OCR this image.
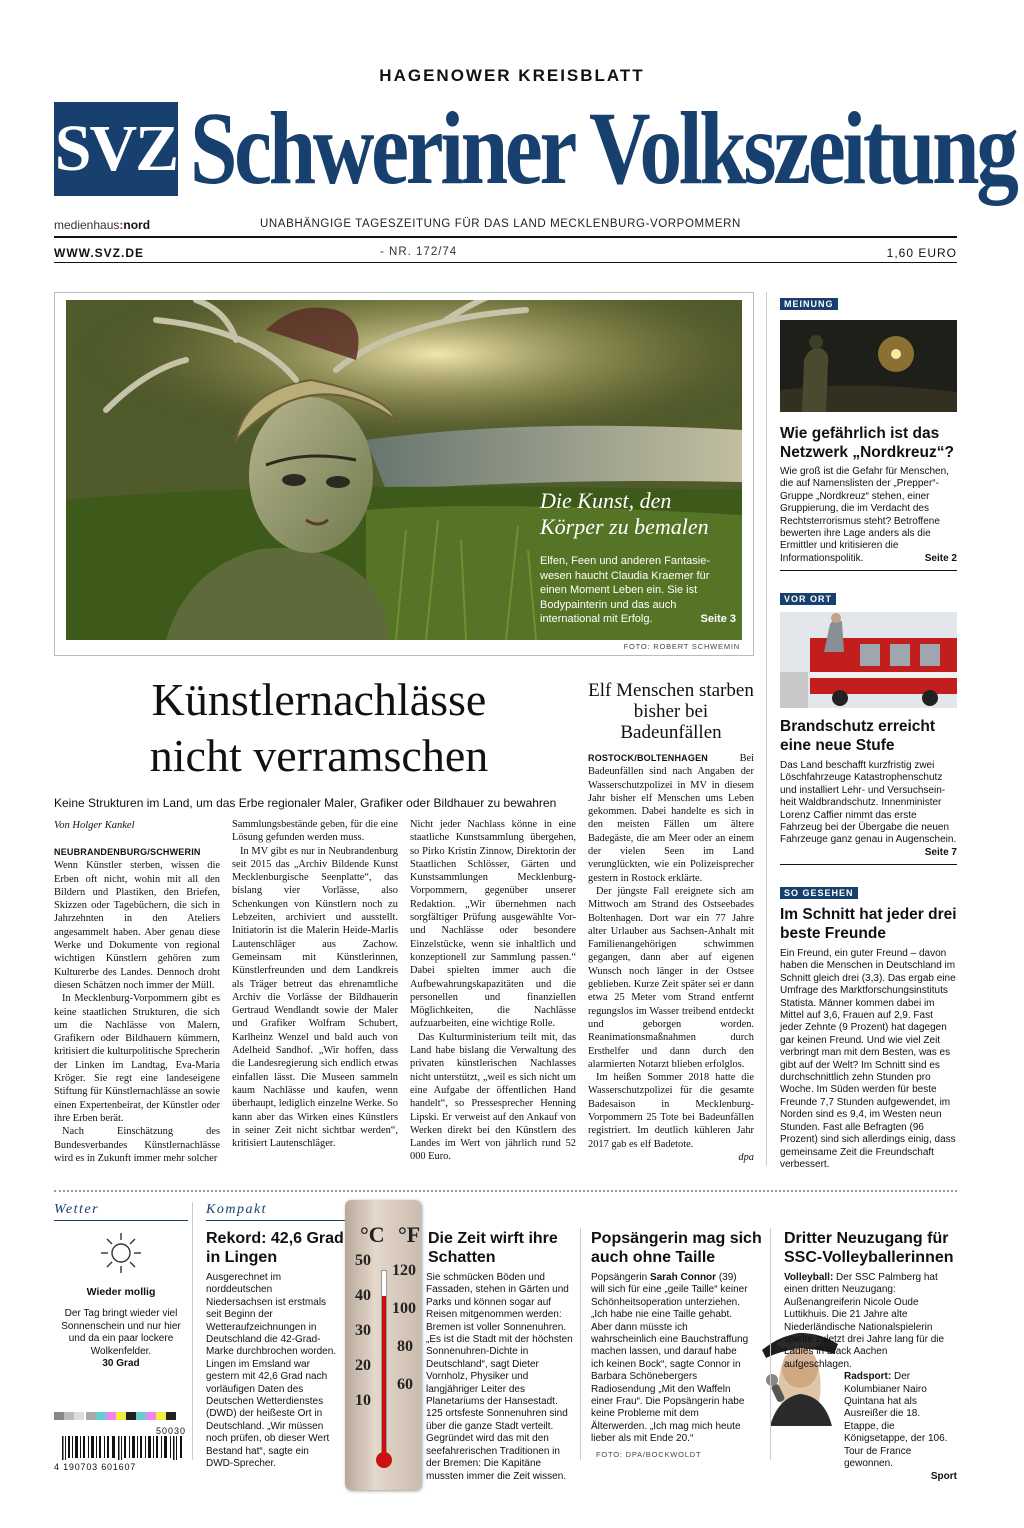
HAGENOWER KREISBLATT
SVZ Schweriner Volkszeitung
medienhaus:nord	UNABHÄNGIGE TAGESZEITUNG FÜR DAS LAND MECKLENBURG-VORPOMMERN
WWW.SVZ.DE	- NR. 172/74	1,60 EURO
Die Kunst, den
Körper zu bemalen
Elfen, Feen und anderen Fantasiewesen haucht Claudia Kraemer für einen Moment Leben ein. Sie ist Bodypainterin und das auch international mit Erfolg.	Seite 3
FOTO: ROBERT SCHWEMIN
Künstlernachlässe
nicht verramschen
Keine Strukturen im Land, um das Erbe regionaler Maler, Grafiker oder Bildhauer zu bewahren
Von Holger Kankel

NEUBRANDENBURG/SCHWERIN

Wenn Künstler sterben, wissen die Erben oft nicht, wohin mit all den Bildern und Plastiken, den Briefen, Skizzen oder Tagebüchern, die sich in Jahrzehnten in den Ateliers angesammelt haben. Aber genau diese Werke und Dokumente von regional wichtigen Künstlern gehören zum Kulturerbe des Landes. Dennoch droht diesen Schätzen noch immer der Müll.

In Mecklenburg-Vorpommern gibt es keine staatlichen Strukturen, die sich um die Nachlässe von Malern, Grafikern oder Bildhauern kümmern, kritisiert die kulturpolitische Sprecherin der Linken im Landtag, Eva-Maria Kröger. Sie regt eine landeseigene Stiftung für Künstlernachlässe an sowie einen Expertenbeirat, der Künstler oder ihre Erben berät.

Nach Einschätzung des Bundesverbandes Künstlernachlässe wird es in Zukunft immer mehr solcher

Sammlungsbestände geben, für die eine Lösung gefunden werden muss.

In MV gibt es nur in Neubrandenburg seit 2015 das „Archiv Bildende Kunst Mecklenburgische Seenplatte“, das bislang vier Vorlässe, also Schenkungen von Künstlern noch zu Lebzeiten, archiviert und ausstellt. Initiatorin ist die Malerin Heide-Marlis Lautenschläger aus Zachow. Gemeinsam mit Künstlerinnen, Künstlerfreunden und dem Landkreis als Träger betreut das ehrenamtliche Archiv die Vorlässe der Bildhauerin Gertraud Wendlandt sowie der Maler und Grafiker Wolfram Schubert, Karlheinz Wenzel und bald auch von Adelheid Sandhof. „Wir hoffen, dass die Landesregierung sich endlich etwas einfallen lässt. Die Museen sammeln kaum Nachlässe und kaufen, wenn überhaupt, lediglich einzelne Werke. So kann aber das Wirken eines Künstlers in seiner Zeit nicht sichtbar werden“, kritisiert Lautenschläger.

Nicht jeder Nachlass könne in eine staatliche Kunstsammlung übergehen, so Pirko Kristin Zinnow, Direktorin der Staatlichen Schlösser, Gärten und Kunstsammlungen Mecklenburg-Vorpommern, gegenüber unserer Redaktion. „Wir übernehmen nach sorgfältiger Prüfung ausgewählte Vor- und Nachlässe oder besondere Einzelstücke, wenn sie inhaltlich und konzeptionell zur Sammlung passen.“ Dabei spielten immer auch die Aufbewahrungskapazitäten und die personellen und finanziellen Möglichkeiten, die Nachlässe aufzuarbeiten, eine wichtige Rolle.

Das Kulturministerium teilt mit, das Land habe bislang die Verwaltung des privaten künstlerischen Nachlasses nicht unterstützt, „weil es sich nicht um eine Aufgabe der öffentlichen Hand handelt“, so Pressesprecher Henning Lipski. Er verweist auf den Ankauf von Werken direkt bei den Künstlern des Landes im Wert von jährlich rund 52 000 Euro.

Elf Menschen starben bisher bei Badeunfällen

ROSTOCK/BOLTENHAGEN	Bei Badeunfällen sind nach Angaben der Wasserschutzpolizei in MV in diesem Jahr bisher elf Menschen ums Leben gekommen. Dabei handelte es sich in den meisten Fällen um ältere Badegäste, die am Meer oder an einem der vielen Seen im Land verunglückten, wie ein Polizeisprecher gestern in Rostock erklärte.

Der jüngste Fall ereignete sich am Mittwoch am Strand des Ostseebades Boltenhagen. Dort war ein 77 Jahre alter Urlauber aus Sachsen-Anhalt mit Familienangehörigen schwimmen gegangen, dann aber auf eigenen Wunsch noch länger in der Ostsee geblieben. Kurze Zeit später sei er dann etwa 25 Meter vom Strand entfernt regungslos im Wasser treibend entdeckt und geborgen worden. Reanimationsmaßnahmen durch Ersthelfer und dann durch den alarmierten Notarzt blieben erfolglos.

Im heißen Sommer 2018 hatte die Wasserschutzpolizei für die gesamte Badesaison in Mecklenburg-Vorpommern 25 Tote bei Badeunfällen registriert. Im deutlich kühleren Jahr 2017 gab es elf Badetote.

dpa

MEINUNG
Wie gefährlich ist das Netzwerk „Nordkreuz“?
Wie groß ist die Gefahr für Menschen, die auf Namenslisten der „Prepper“-Gruppe „Nordkreuz“ stehen, einer Gruppierung, die im Verdacht des Rechtsterrorismus steht? Betroffene bewerten ihre Lage anders als die Ermittler und kritisieren die Informationspolitik.	Seite 2
VOR ORT
Brandschutz erreicht eine neue Stufe
Das Land beschafft kurzfristig zwei Löschfahrzeuge Katastrophenschutz und installiert Lehr- und Versuchseinheit Waldbrandschutz. Innenminister Lorenz Caffier nimmt das erste Fahrzeug bei der Übergabe die neuen Fahrzeuge ganz genau in Augenschein.
Seite 7
SO GESEHEN
Im Schnitt hat jeder drei beste Freunde
Ein Freund, ein guter Freund – davon haben die Menschen in Deutschland im Schnitt gleich drei (3,3). Das ergab eine Umfrage des Marktforschungsinstituts Statista. Männer kommen dabei im Mittel auf 3,6, Frauen auf 2,9. Fast jeder Zehnte (9 Prozent) hat dagegen gar keinen Freund. Und wie viel Zeit verbringt man mit dem Besten, was es gibt auf der Welt? Im Schnitt sind es durchschnittlich zehn Stunden pro Woche. Im Süden werden für beste Freunde 7,7 Stunden aufgewendet, im Norden sind es 9,4, im Westen neun Stunden. Fast alle Befragten (96 Prozent) sind sich allerdings einig, dass gemeinsame Zeit die Freundschaft verbessert.
Wetter
Wieder mollig
Der Tag bringt wieder viel Sonnenschein und nur hier und da ein paar lockere Wolkenfelder.
30 Grad
50030
4 190703 601607
Kompakt
Rekord: 42,6 Grad in Lingen
Ausgerechnet im norddeutschen Niedersachsen ist erstmals seit Beginn der Wetteraufzeichnungen in Deutschland die 42-Grad-Marke durchbrochen worden. Lingen im Emsland war gestern mit 42,6 Grad nach vorläufigen Daten des Deutschen Wetterdienstes (DWD) der heißeste Ort in Deutschland. „Wir müssen noch prüfen, ob dieser Wert Bestand hat“, sagte ein DWD-Sprecher.
°C °F
50
40
30
20
10
120
100
80
60
Die Zeit wirft ihre Schatten
Sie schmücken Böden und Fassaden, stehen in Gärten und Parks und können sogar auf Reisen mitgenommen werden: Bremen ist voller Sonnenuhren. „Es ist die Stadt mit der höchsten Sonnenuhren-Dichte in Deutschland“, sagt Dieter Vornholz, Physiker und langjähriger Leiter des Planetariums der Hansestadt. 125 ortsfeste Sonnenuhren sind über die ganze Stadt verteilt. Gegründet wird das mit den seefahrerischen Traditionen in der Bremen: Die Kapitäne mussten immer die Zeit wissen.
Popsängerin mag sich auch ohne Taille
Popsängerin Sarah Connor (39) will sich für eine „geile Taille“ keiner Schönheitsoperation unterziehen. „Ich habe nie eine Taille gehabt. Aber dann müsste ich wahrscheinlich eine Bauchstraffung machen lassen, und darauf habe ich keinen Bock“, sagte Connor in Barbara Schönebergers Radiosendung „Mit den Waffeln einer Frau“. Die Popsängerin habe keine Probleme mit dem Älterwerden. „Ich mag mich heute lieber als mit Ende 20.“
FOTO: DPA/BOCKWOLDT
Dritter Neuzugang für SSC-Volleyballerinnen
Volleyball: Der SSC Palmberg hat einen dritten Neuzugang: Außenangreiferin Nicole Oude Luttikhuis. Die 21 Jahre alte Niederländische Nationalspielerin spielte zuletzt drei Jahre lang für die Ladies in Black Aachen aufgeschlagen.
Radsport: Der Kolumbianer Nairo Quintana hat als Ausreißer die 18. Etappe, die Königsetappe, der 106. Tour de France gewonnen.
Sport
